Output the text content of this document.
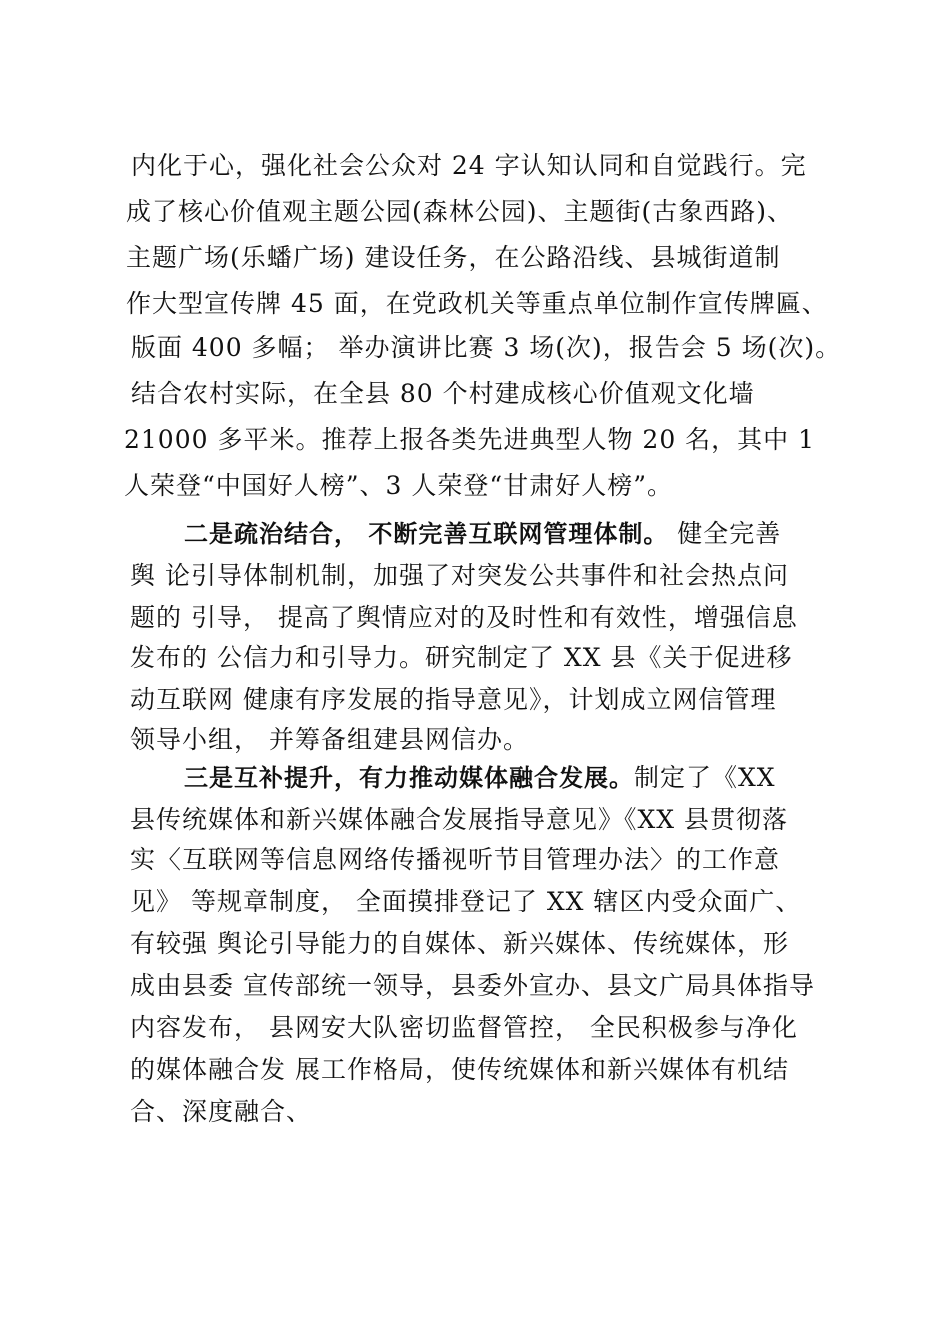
内化于心，强化社会公众对 24 字认知认同和自觉践行。完
成了核心价值观主题公园(森林公园)、主题街(古象西路)、
主题广场(乐蟠广场) 建设任务，在公路沿线、县城街道制
作大型宣传牌 45 面，在党政机关等重点单位制作宣传牌匾、
版面 400 多幅； 举办演讲比赛 3 场(次)，报告会 5 场(次)。
结合农村实际，在全县 80 个村建成核心价值观文化墙
21000 多平米。推荐上报各类先进典型人物 20 名，其中 1
人荣登“中国好人榜”、3 人荣登“甘肃好人榜”。
二是疏治结合， 不断完善互联网管理体制。 健全完善
舆 论引导体制机制，加强了对突发公共事件和社会热点问
题的 引导， 提高了舆情应对的及时性和有效性，增强信息
发布的 公信力和引导力。研究制定了 XX 县《关于促进移
动互联网 健康有序发展的指导意见》，计划成立网信管理
领导小组， 并筹备组建县网信办。
三是互补提升，有力推动媒体融合发展。制定了《XX
县传统媒体和新兴媒体融合发展指导意见》《XX 县贯彻落
实〈互联网等信息网络传播视听节目管理办法〉的工作意
见》 等规章制度， 全面摸排登记了 XX 辖区内受众面广、
有较强 舆论引导能力的自媒体、新兴媒体、传统媒体，形
成由县委 宣传部统一领导，县委外宣办、县文广局具体指导
内容发布， 县网安大队密切监督管控， 全民积极参与净化
的媒体融合发 展工作格局，使传统媒体和新兴媒体有机结
合、深度融合、
